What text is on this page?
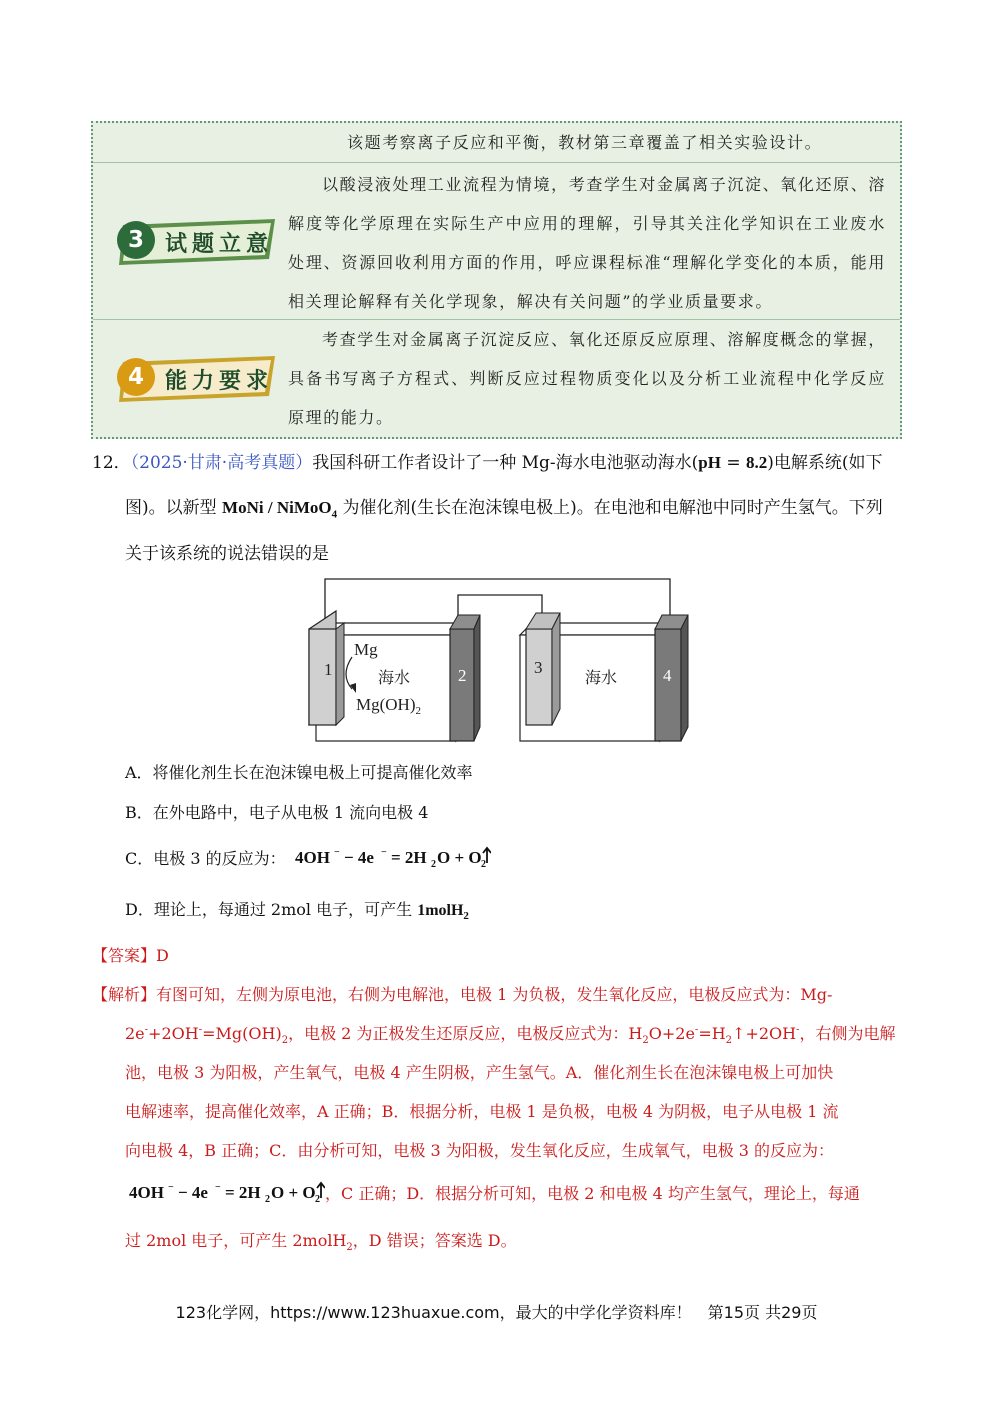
该题考察离子反应和平衡，教材第三章覆盖了相关实验设计。
3 试题立意
以酸浸液处理工业流程为情境，考查学生对金属离子沉淀、氧化还原、溶解度等化学原理在实际生产中应用的理解，引导其关注化学知识在工业废水处理、资源回收利用方面的作用，呼应课程标准“理解化学变化的本质，能用相关理论解释有关化学现象，解决有关问题”的学业质量要求。
4 能力要求
考查学生对金属离子沉淀反应、氧化还原反应原理、溶解度概念的掌握，具备书写离子方程式、判断反应过程物质变化以及分析工业流程中化学反应原理的能力。
12．（2025·甘肃·高考真题）我国科研工作者设计了一种 Mg-海水电池驱动海水(pH = 8.2)电解系统(如下
图)。以新型 MoNi / NiMoO$_4$ 为催化剂(生长在泡沫镍电极上)。在电池和电解池中同时产生氢气。下列
关于该系统的说法错误的是
1
Mg
海水
$Mg(OH)_2$
2	3
海水	4
A．将催化剂生长在泡沫镍电极上可提高催化效率
B．在外电路中，电子从电极 1 流向电极 4
C．电极 3 的反应为： 4OH − − 4e − = 2H 2 O + O 2
D．理论上，每通过 2mol 电子，可产生 1molH$_2$
【答案】D
【解析】有图可知，左侧为原电池，右侧为电解池，电极 1 为负极，发生氧化反应，电极反应式为：Mg-
$2e^-+2OH^-=Mg(OH)_2$，电极 2 为正极发生还原反应，电极反应式为：$H_2O+2e^-=H_2↑+2OH^-$，右侧为电解
池，电极 3 为阳极，产生氧气，电极 4 产生阴极，产生氢气。A．催化剂生长在泡沫镍电极上可加快
电解速率，提高催化效率，A 正确；B．根据分析，电极 1 是负极，电极 4 为阴极，电子从电极 1 流
向电极 4，B 正确；C．由分析可知，电极 3 为阳极，发生氧化反应，生成氧气，电极 3 的反应为：
4OH − − 4e − = 2H 2 O + O 2 ，C 正确；D．根据分析可知，电极 2 和电极 4 均产生氢气，理论上，每通
过 2mol 电子，可产生 2molH$_2$，D 错误；答案选 D。
123化学网，https://www.123huaxue.com，最大的中学化学资料库！　第15页 共29页
